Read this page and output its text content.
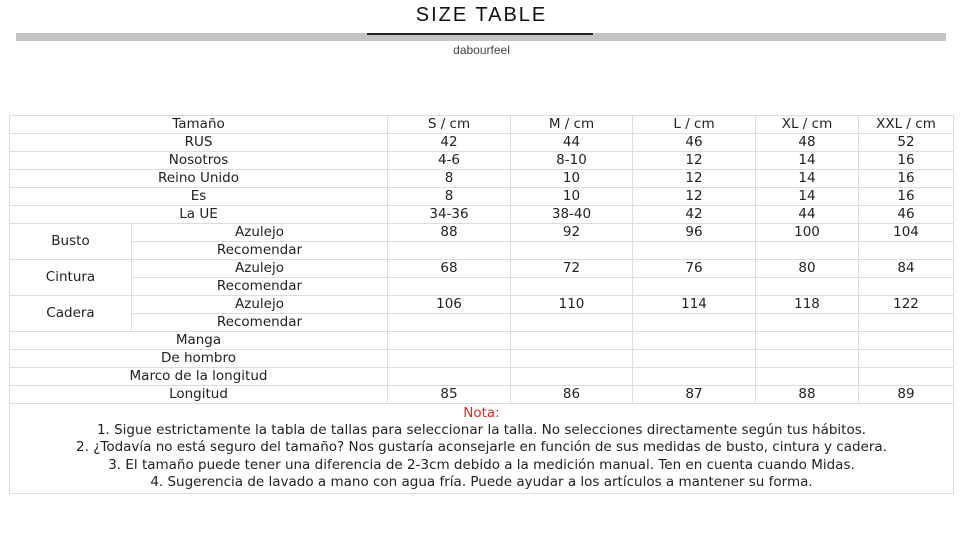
SIZE TABLE
dabourfeel
Tamaño		S / cm	M / cm	L / cm	XL / cm	XXL / cm
RUS		42	44	46	48	52
Nosotros		4-6	8-10	12	14	16
Reino Unido		8	10	12	14	16
Es		8	10	12	14	16
La UE		34-36	38-40	42	44	46
Busto	Azulejo	88	92	96	100	104
	Recomendar					
Cintura	Azulejo	68	72	76	80	84
	Recomendar					
Cadera	Azulejo	106	110	114	118	122
	Recomendar					
Manga						
De hombro						
Marco de la longitud						
Longitud		85	86	87	88	89

Nota:
1. Sigue estrictamente la tabla de tallas para seleccionar la talla. No selecciones directamente según tus hábitos.
2. ¿Todavía no está seguro del tamaño? Nos gustaría aconsejarle en función de sus medidas de busto, cintura y cadera.
3. El tamaño puede tener una diferencia de 2-3cm debido a la medición manual. Ten en cuenta cuando Midas.
4. Sugerencia de lavado a mano con agua fría. Puede ayudar a los artículos a mantener su forma.						
